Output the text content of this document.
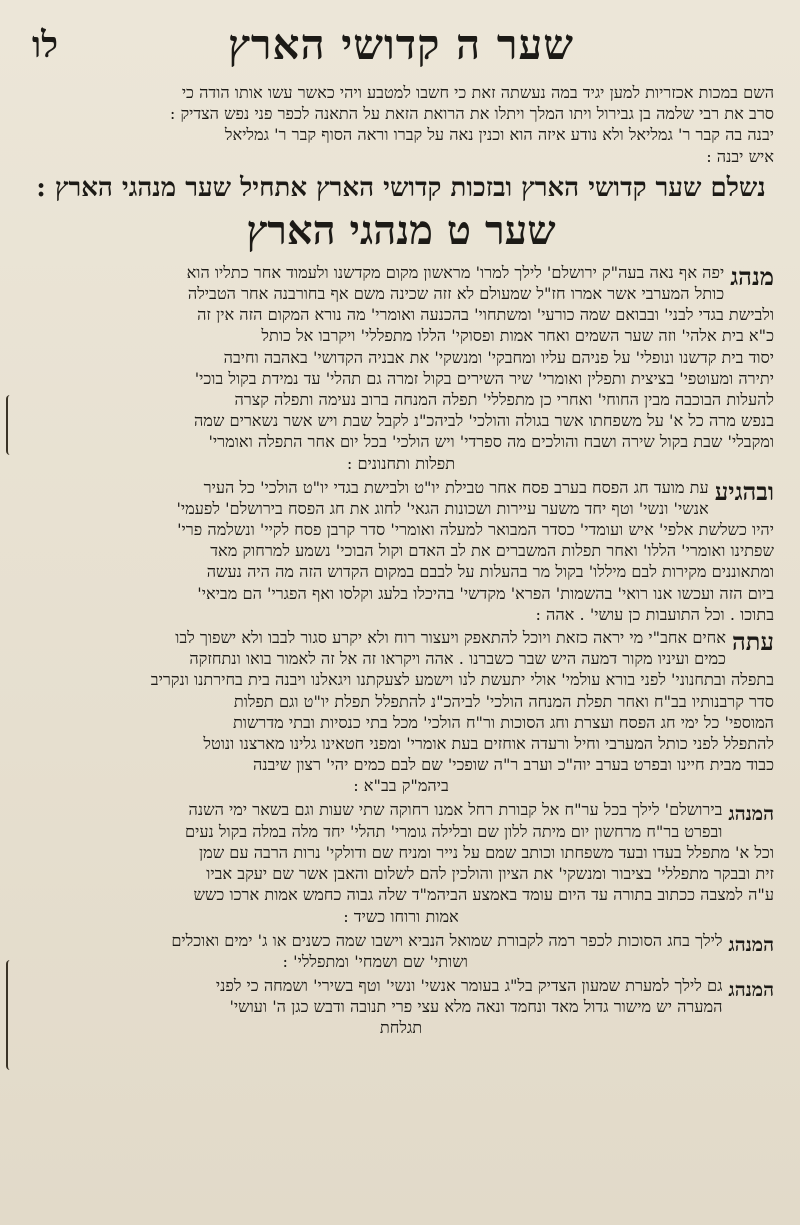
שער ה קדושי הארץ
לו

השם במכות אכזריות למען יגיד במה נעשתה זאת כי חשבו למטבע ויהי כאשר עשו אותו הודה כי

סרב את רבי שלמה בן גבירול ויתו המלך ויתלו את הרואת הזאת על התאנה לכפר פני נפש הצדיק :

יבנה בה קבר ר' גמליאל ולא נודע איזה הוא וכנין נאה על קברו וראה הסוף קבר ר' גמליאל

איש יבנה :

נשלם שער קדושי הארץ ובזכות קדושי הארץ אתחיל שער מנהגי הארץ :
שער ט מנהגי הארץ
מנהג

יפה אף נאה בעה"ק ירושלם' לילך למרו' מראשון מקום מקדשנו ולעמוד אחר כתליו הוא

כותל המערבי אשר אמרו חז"ל שמעולם לא זזה שכינה משם אף בחורבנה אחר הטבילה

ולבישת בגדי לבני' ובבואם שמה כורעי' ומשתחוי' בהכנעה ואומרי' מה נורא המקום הזה אין זה

כ"א בית אלהי' וזה שער השמים ואחר אמות ופסוקי' הללו מתפללי' ויקרבו אל כותל

יסוד בית קדשנו ונופלי' על פניהם עליו ומחבקי' ומנשקי' את אבניה הקדושי' באהבה וחיבה

יתירה ומעוטפי' בציצית ותפלין ואומרי' שיר השירים בקול זמרה גם תהלי' עד נמידת בקול בוכי'

להעלות הבוכבה מבין החוחי' ואחרי כן מתפללי' תפלה המנחה ברוב נעימה ותפלה קצרה

בנפש מרה כל א' על משפחתו אשר בגולה והולכי' לביהכ"נ לקבל שבת ויש אשר נשארים שמה

ומקבלי' שבת בקול שירה ושבח והולכים מה ספרדי' ויש הולכי' בכל יום אחר התפלה ואומרי'

תפלות ותחנונים :

ובהגיע

עת מועד חג הפסח בערב פסח אחר טבילת יו"ט ולבישת בגדי יו"ט הולכי' כל העיר

אנשי' ונשי' וטף יחד משער עיירות ושכונות הגאי' לחוג את חג הפסח בירושלם' לפעמי'

יהיו כשלשת אלפי' איש ועומדי' כסדר המבואר למעלה ואומרי' סדר קרבן פסח לקיי' ונשלמה פרי'

שפתינו ואומרי' הללו' ואחר תפלות המשברים את לב האדם וקול הבוכי' נשמע למרחוק מאד

ומתאוננים מקירות לבם מיללו' בקול מר בהעלות על לבבם במקום הקדוש הזה מה היה נעשה

ביום הזה ועכשו אנו רואי' בהשמות' הפרא' מקדשי' בהיכלו בלעג וקלסו ואף הפגרי' הם מביאי'

בתוכו . וכל התועבות כן עושי' . אהה :

עתה

אחים אחב"י מי יראה כזאת ויוכל להתאפק ויעצור רוח ולא יקרע סגור לבבו ולא ישפוך לבו

כמים ועיניו מקור דמעה היש שבר כשברנו . אהה ויקראו זה אל זה לאמור בואו ונתחזקה

בתפלה ובתחנוני' לפני בורא עולמי' אולי יתעשת לנו וישמע לצעקתנו ויגאלנו ויבנה בית בחירתנו ונקריב

סדר קרבנותיו בב"ח ואחר תפלת המנחה הולכי' לביהכ"נ להתפלל תפלת יו"ט וגם תפלות

המוספי' כל ימי חג הפסח ועצרת וחג הסוכות ור"ח הולכי' מכל בתי כנסיות ובתי מדרשות

להתפלל לפני כותל המערבי וחיל ורעדה אוחזים בעת אומרי' ומפני חטאינו גלינו מארצנו ונוטל

כבוד מבית חיינו ובפרט בערב יוה"כ וערב ר"ה שופכי' שם לבם כמים יהי' רצון שיבנה

ביהמ"ק בב"א :

המנהג

בירושלם' לילך בכל ער"ח אל קבורת רחל אמנו רחוקה שתי שעות וגם בשאר ימי השנה

ובפרט בר"ח מרחשון יום מיתה ללון שם ובלילה גומרי' תהלי' יחד מלה במלה בקול נעים

וכל א' מתפלל בעדו ובעד משפחתו וכותב שמם על נייר ומניח שם ודולקי' נרות הרבה עם שמן

זית ובבקר מתפללי' בציבור ומנשקי' את הציון והולכין להם לשלום והאבן אשר שם יעקב אביו

ע"ה למצבה ככתוב בתורה עד היום עומד באמצע הביהמ"ד שלה גבוה כחמש אמות ארכו כשש

אמות ורוחו כשיד :

המנהג

לילך בחג הסוכות לכפר רמה לקבורת שמואל הנביא וישבו שמה כשנים או ג' ימים ואוכלים

ושותי' שם ושמחי' ומתפללי' :

המנהג

גם לילך למערת שמעון הצדיק בל"ג בעומר אנשי' ונשי' וטף בשירי' ושמחה כי לפני

המערה יש מישור גדול מאד ונחמד ונאה מלא עצי פרי תנובה ודבש כגן ה' ועושי'

תגלחת
